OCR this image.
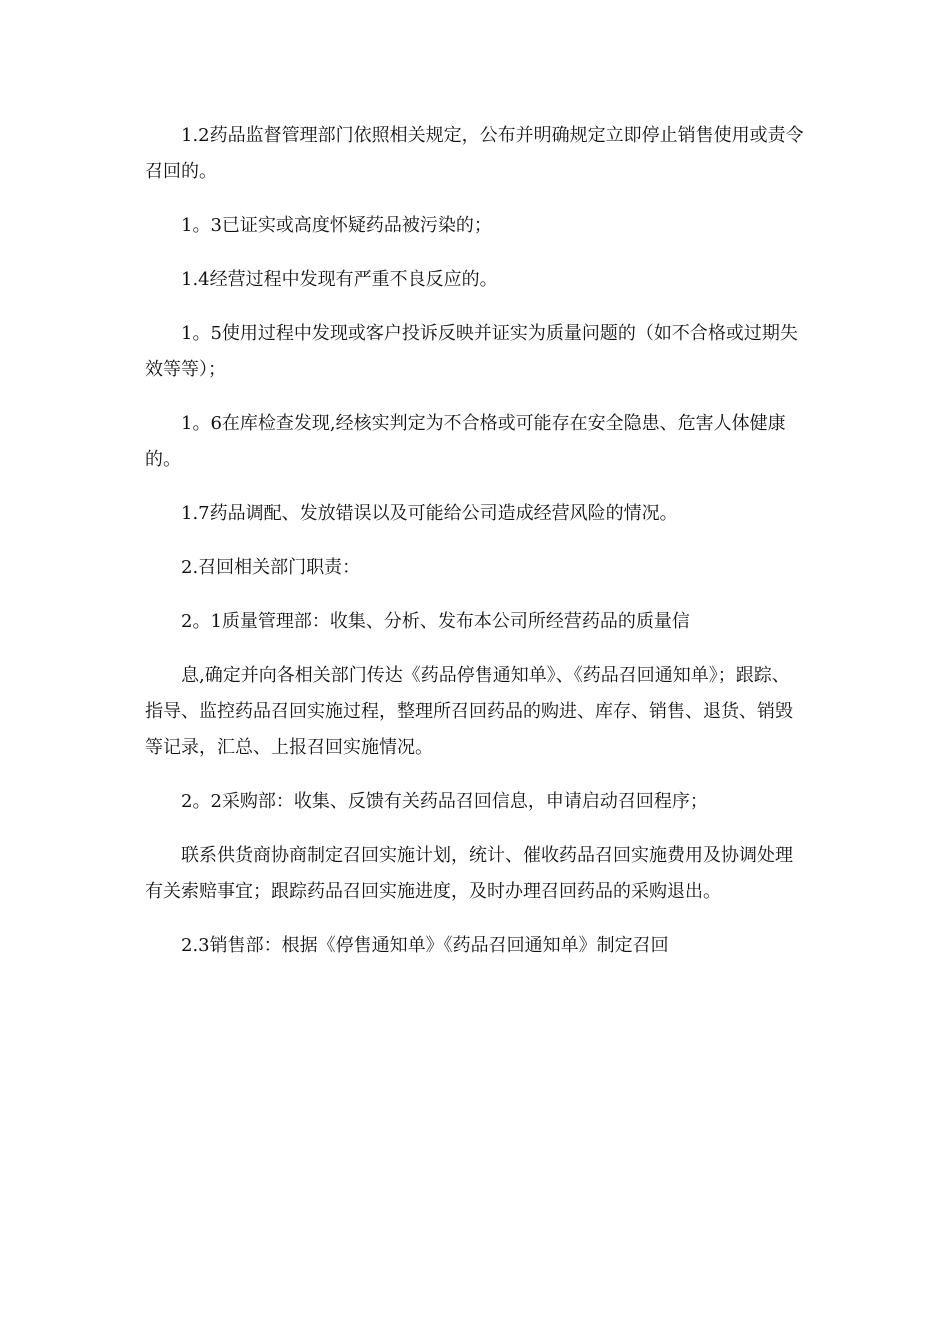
1.2药品监督管理部门依照相关规定，公布并明确规定立即停止销售使用或责令召回的。

1。3已证实或高度怀疑药品被污染的；

1.4经营过程中发现有严重不良反应的。

1。5使用过程中发现或客户投诉反映并证实为质量问题的（如不合格或过期失效等等）；

1。6在库检查发现,经核实判定为不合格或可能存在安全隐患、危害人体健康的。

1.7药品调配、发放错误以及可能给公司造成经营风险的情况。

2.召回相关部门职责：

2。1质量管理部：收集、分析、发布本公司所经营药品的质量信

息,确定并向各相关部门传达《药品停售通知单》、《药品召回通知单》；跟踪、指导、监控药品召回实施过程，整理所召回药品的购进、库存、销售、退货、销毁等记录，汇总、上报召回实施情况。

2。2采购部：收集、反馈有关药品召回信息，申请启动召回程序；

联系供货商协商制定召回实施计划，统计、催收药品召回实施费用及协调处理有关索赔事宜；跟踪药品召回实施进度，及时办理召回药品的采购退出。

2.3销售部：根据《停售通知单》《药品召回通知单》制定召回
